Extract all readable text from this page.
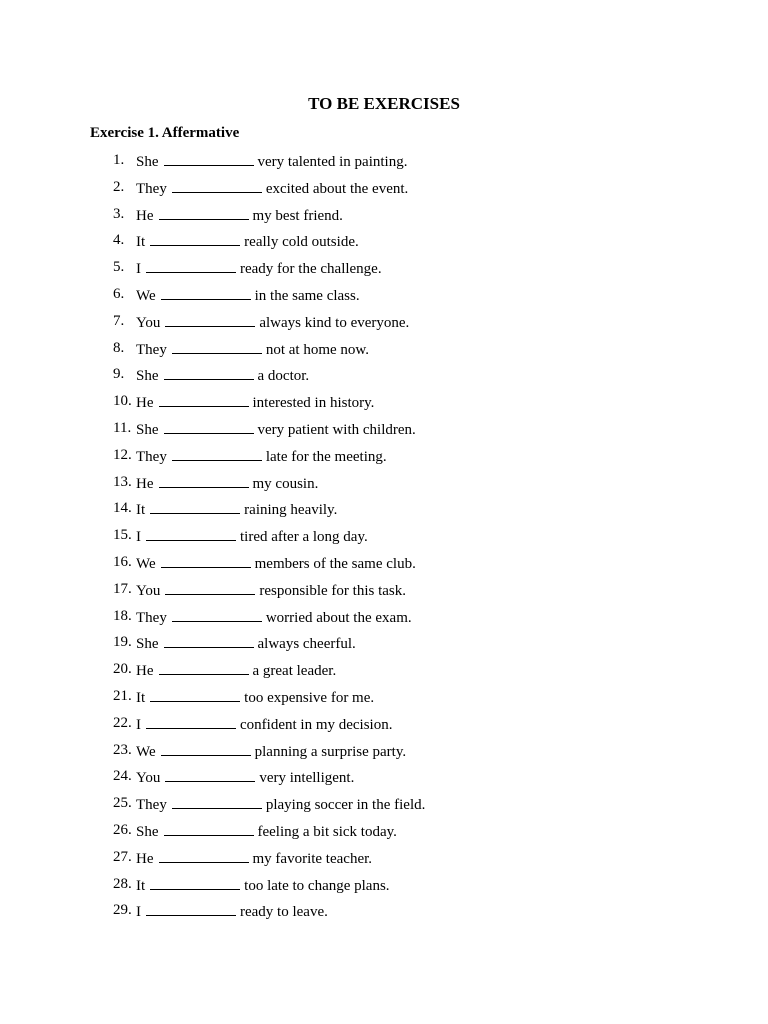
TO BE EXERCISES
Exercise 1. Affermative
1. She	very talented in painting.
2. They	excited about the event.
3. He	my best friend.
4. It	really cold outside.
5. I	ready for the challenge.
6. We	in the same class.
7. You	always kind to everyone.
8. They	not at home now.
9. She	a doctor.
10. He	interested in history.
11. She	very patient with children.
12. They	late for the meeting.
13. He	my cousin.
14. It	raining heavily.
15. I	tired after a long day.
16. We	members of the same club.
17. You	responsible for this task.
18. They	worried about the exam.
19. She	always cheerful.
20. He	a great leader.
21. It	too expensive for me.
22. I	confident in my decision.
23. We	planning a surprise party.
24. You	very intelligent.
25. They	playing soccer in the field.
26. She	feeling a bit sick today.
27. He	my favorite teacher.
28. It	too late to change plans.
29. I	ready to leave.
